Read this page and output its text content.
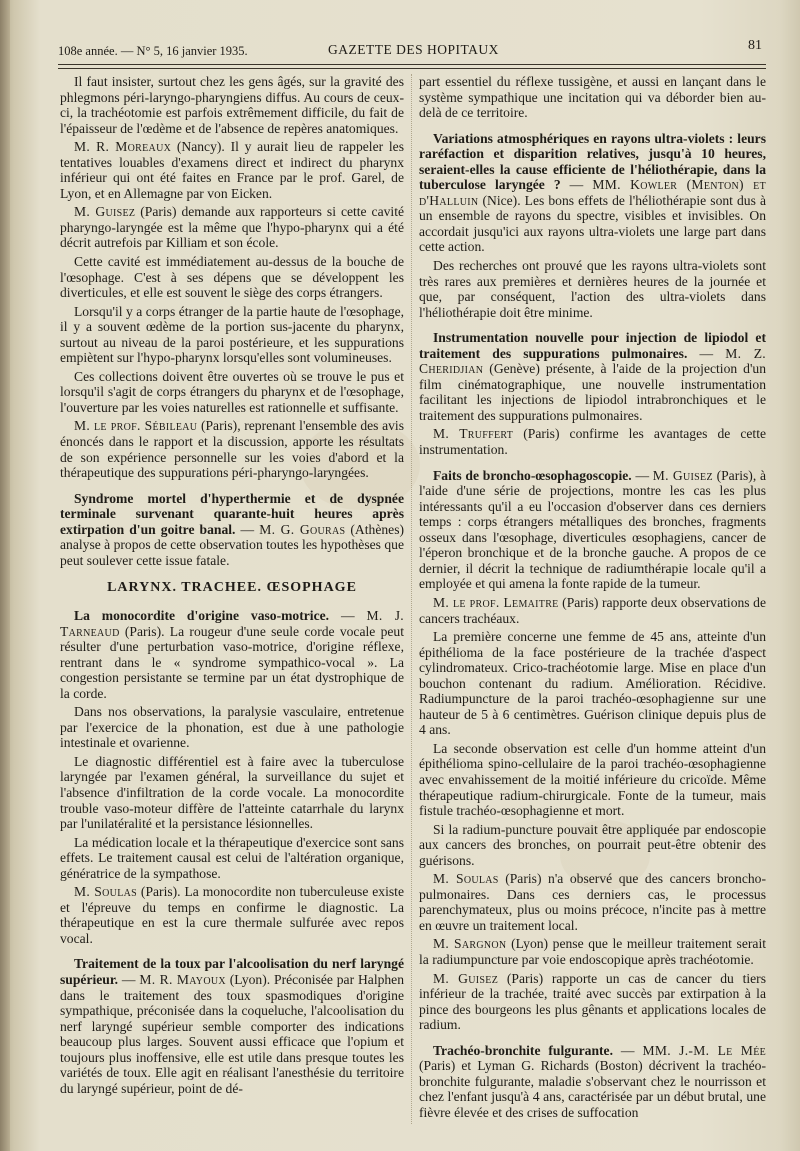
108e année. — N° 5, 16 janvier 1935.	GAZETTE DES HOPITAUX	81

Il faut insister, surtout chez les gens âgés, sur la gravité des phlegmons péri-laryngo-pharyngiens diffus. Au cours de ceux-ci, la trachéotomie est parfois extrêmement difficile, du fait de l'épaisseur de l'œdème et de l'absence de repères anatomiques.

M. R. Moreaux (Nancy). Il y aurait lieu de rappeler les tentatives louables d'examens direct et indirect du pharynx inférieur qui ont été faites en France par le prof. Garel, de Lyon, et en Allemagne par von Eicken.

M. Guisez (Paris) demande aux rapporteurs si cette cavité pharyngo-laryngée est la même que l'hypo-pharynx qui a été décrit autrefois par Killiam et son école.

Cette cavité est immédiatement au-dessus de la bouche de l'œsophage. C'est à ses dépens que se développent les diverticules, et elle est souvent le siège des corps étrangers.

Lorsqu'il y a corps étranger de la partie haute de l'œsophage, il y a souvent œdème de la portion sus-jacente du pharynx, surtout au niveau de la paroi postérieure, et les suppurations empiètent sur l'hypo-pharynx lorsqu'elles sont volumineuses.

Ces collections doivent être ouvertes où se trouve le pus et lorsqu'il s'agit de corps étrangers du pharynx et de l'œsophage, l'ouverture par les voies naturelles est rationnelle et suffisante.

M. le prof. Sébileau (Paris), reprenant l'ensemble des avis énoncés dans le rapport et la discussion, apporte les résultats de son expérience personnelle sur les voies d'abord et la thérapeutique des suppurations péri-pharyngo-laryngées.

Syndrome mortel d'hyperthermie et de dyspnée terminale survenant quarante-huit heures après extirpation d'un goitre banal. — M. G. Gouras (Athènes) analyse à propos de cette observation toutes les hypothèses que peut soulever cette issue fatale.

LARYNX. TRACHEE. ŒSOPHAGE

La monocordite d'origine vaso-motrice. — M. J. Tarneaud (Paris). La rougeur d'une seule corde vocale peut résulter d'une perturbation vaso-motrice, d'origine réflexe, rentrant dans le « syndrome sympathico-vocal ». La congestion persistante se termine par un état dystrophique de la corde.

Dans nos observations, la paralysie vasculaire, entretenue par l'exercice de la phonation, est due à une pathologie intestinale et ovarienne.

Le diagnostic différentiel est à faire avec la tuberculose laryngée par l'examen général, la surveillance du sujet et l'absence d'infiltration de la corde vocale. La monocordite trouble vaso-moteur diffère de l'atteinte catarrhale du larynx par l'unilatéralité et la persistance lésionnelles.

La médication locale et la thérapeutique d'exercice sont sans effets. Le traitement causal est celui de l'altération organique, génératrice de la sympathose.

M. Soulas (Paris). La monocordite non tuberculeuse existe et l'épreuve du temps en confirme le diagnostic. La thérapeutique en est la cure thermale sulfurée avec repos vocal.

Traitement de la toux par l'alcoolisation du nerf laryngé supérieur. — M. R. Mayoux (Lyon). Préconisée par Halphen dans le traitement des toux spasmodiques d'origine sympathique, préconisée dans la coqueluche, l'alcoolisation du nerf laryngé supérieur semble comporter des indications beaucoup plus larges. Souvent aussi efficace que l'opium et toujours plus inoffensive, elle est utile dans presque toutes les variétés de toux. Elle agit en réalisant l'anesthésie du territoire du laryngé supérieur, point de dé-

part essentiel du réflexe tussigène, et aussi en lançant dans le système sympathique une incitation qui va déborder bien au-delà de ce territoire.

Variations atmosphériques en rayons ultra-violets : leurs raréfaction et disparition relatives, jusqu'à 10 heures, seraient-elles la cause efficiente de l'héliothérapie, dans la tuberculose laryngée ? — MM. Kowler (Menton) et d'Halluin (Nice). Les bons effets de l'héliothérapie sont dus à un ensemble de rayons du spectre, visibles et invisibles. On accordait jusqu'ici aux rayons ultra-violets une large part dans cette action.

Des recherches ont prouvé que les rayons ultra-violets sont très rares aux premières et dernières heures de la journée et que, par conséquent, l'action des ultra-violets dans l'héliothérapie doit être minime.

Instrumentation nouvelle pour injection de lipiodol et traitement des suppurations pulmonaires. — M. Z. Cheridjian (Genève) présente, à l'aide de la projection d'un film cinématographique, une nouvelle instrumentation facilitant les injections de lipiodol intrabronchiques et le traitement des suppurations pulmonaires.

M. Truffert (Paris) confirme les avantages de cette instrumentation.

Faits de broncho-œsophagoscopie. — M. Guisez (Paris), à l'aide d'une série de projections, montre les cas les plus intéressants qu'il a eu l'occasion d'observer dans ces derniers temps : corps étrangers métalliques des bronches, fragments osseux dans l'œsophage, diverticules œsophagiens, cancer de l'éperon bronchique et de la bronche gauche. A propos de ce dernier, il décrit la technique de radiumthérapie locale qu'il a employée et qui amena la fonte rapide de la tumeur.

M. le prof. Lemaitre (Paris) rapporte deux observations de cancers trachéaux.

La première concerne une femme de 45 ans, atteinte d'un épithélioma de la face postérieure de la trachée d'aspect cylindromateux. Crico-trachéotomie large. Mise en place d'un bouchon contenant du radium. Amélioration. Récidive. Radiumpuncture de la paroi trachéo-œsophagienne sur une hauteur de 5 à 6 centimètres. Guérison clinique depuis plus de 4 ans.

La seconde observation est celle d'un homme atteint d'un épithélioma spino-cellulaire de la paroi trachéo-œsophagienne avec envahissement de la moitié inférieure du cricoïde. Même thérapeutique radium-chirurgicale. Fonte de la tumeur, mais fistule trachéo-œsophagienne et mort.

Si la radium-puncture pouvait être appliquée par endoscopie aux cancers des bronches, on pourrait peut-être obtenir des guérisons.

M. Soulas (Paris) n'a observé que des cancers broncho-pulmonaires. Dans ces derniers cas, le processus parenchymateux, plus ou moins précoce, n'incite pas à mettre en œuvre un traitement local.

M. Sargnon (Lyon) pense que le meilleur traitement serait la radiumpuncture par voie endoscopique après trachéotomie.

M. Guisez (Paris) rapporte un cas de cancer du tiers inférieur de la trachée, traité avec succès par extirpation à la pince des bourgeons les plus gênants et applications locales de radium.

Trachéo-bronchite fulgurante. — MM. J.-M. Le Mée (Paris) et Lyman G. Richards (Boston) décrivent la trachéo-bronchite fulgurante, maladie s'observant chez le nourrisson et chez l'enfant jusqu'à 4 ans, caractérisée par un début brutal, une fièvre élevée et des crises de suffocation
